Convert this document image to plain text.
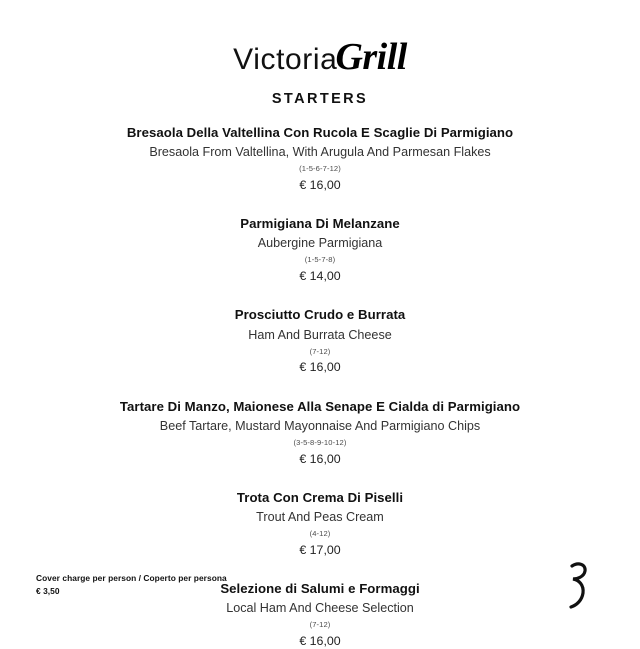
VictoriaGrill
STARTERS
Bresaola Della Valtellina Con Rucola E Scaglie Di Parmigiano
Bresaola From Valtellina, With Arugula And Parmesan Flakes
(1-5-6-7-12)
€ 16,00
Parmigiana Di Melanzane
Aubergine Parmigiana
(1-5-7-8)
€ 14,00
Prosciutto Crudo e Burrata
Ham And Burrata Cheese
(7-12)
€ 16,00
Tartare Di Manzo, Maionese Alla Senape E Cialda di Parmigiano
Beef Tartare, Mustard Mayonnaise And Parmigiano Chips
(3-5-8-9-10-12)
€ 16,00
Trota Con Crema Di Piselli
Trout And Peas Cream
(4-12)
€ 17,00
Selezione di Salumi e Formaggi
Local Ham And Cheese Selection
(7-12)
€ 16,00
Cover charge per person / Coperto per persona
€ 3,50
